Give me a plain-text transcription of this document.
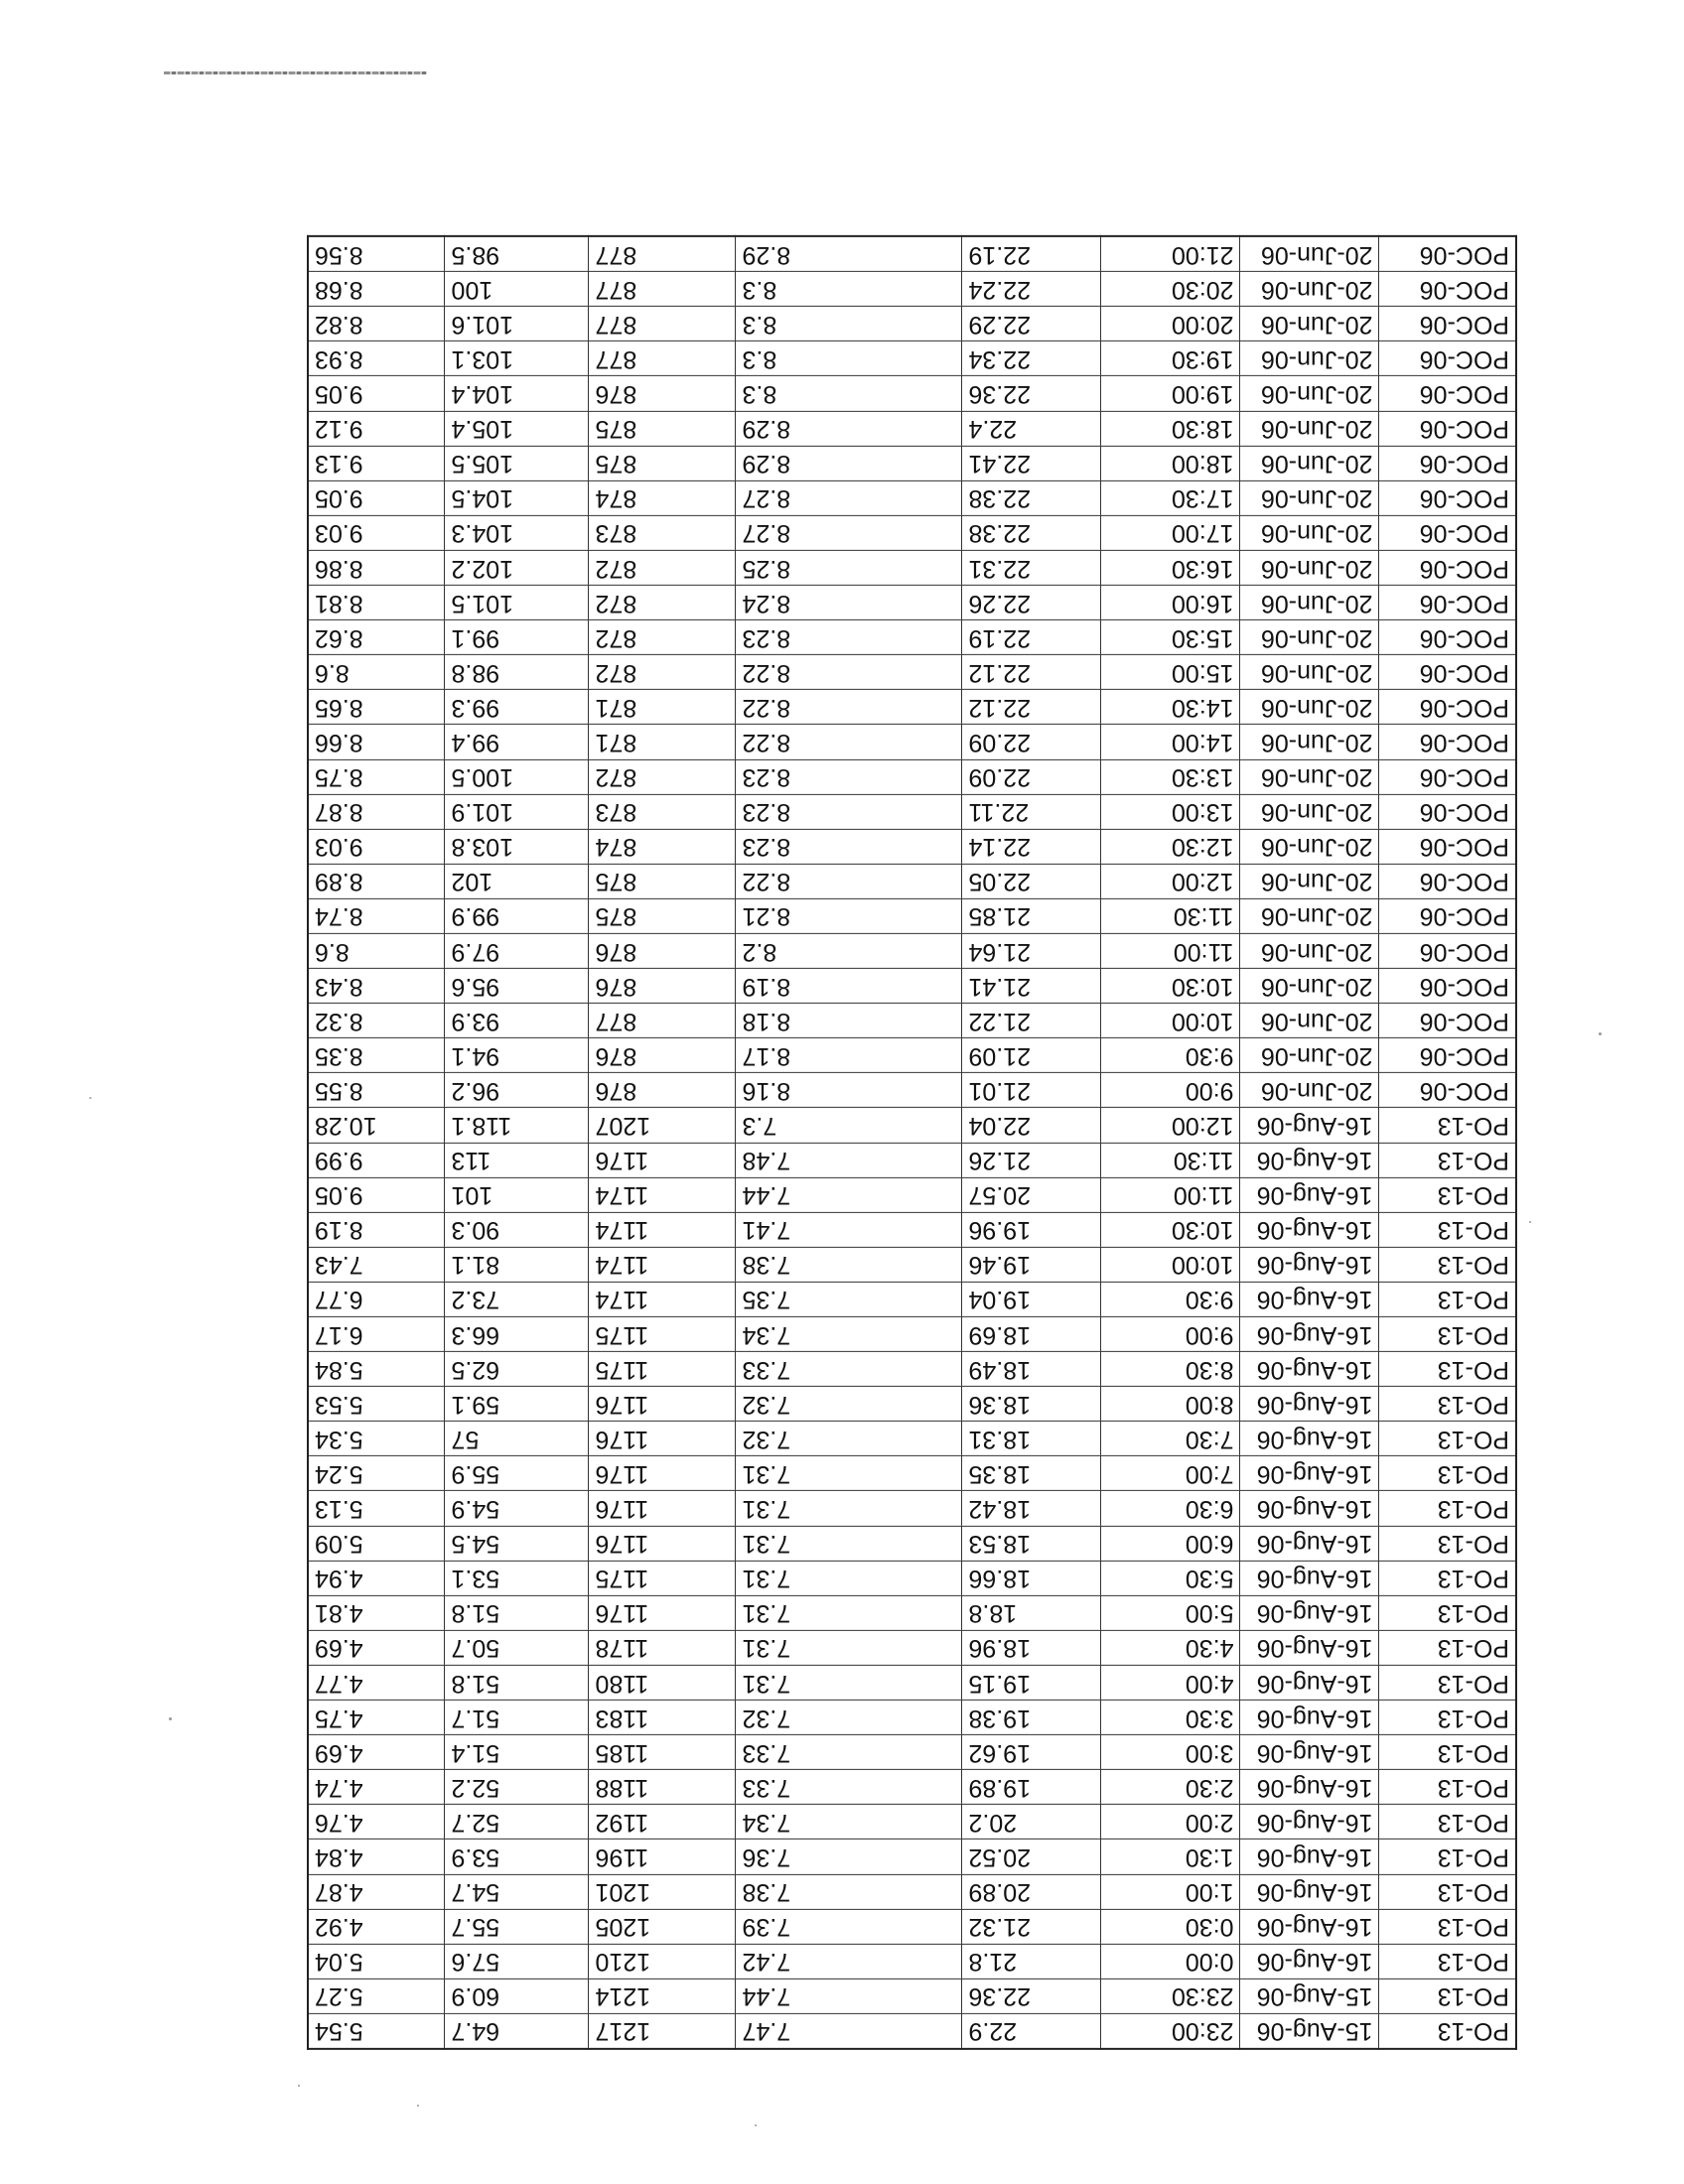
PO-13	15-Aug-06	23:00	22.9	7.47	1217	64.7	5.54
PO-13	15-Aug-06	23:30	22.36	7.44	1214	60.9	5.27
PO-13	16-Aug-06	0:00	21.8	7.42	1210	57.6	5.04
PO-13	16-Aug-06	0:30	21.32	7.39	1205	55.7	4.92
PO-13	16-Aug-06	1:00	20.89	7.38	1201	54.7	4.87
PO-13	16-Aug-06	1:30	20.52	7.36	1196	53.9	4.84
PO-13	16-Aug-06	2:00	20.2	7.34	1192	52.7	4.76
PO-13	16-Aug-06	2:30	19.89	7.33	1188	52.2	4.74
PO-13	16-Aug-06	3:00	19.62	7.33	1185	51.4	4.69
PO-13	16-Aug-06	3:30	19.38	7.32	1183	51.7	4.75
PO-13	16-Aug-06	4:00	19.15	7.31	1180	51.8	4.77
PO-13	16-Aug-06	4:30	18.96	7.31	1178	50.7	4.69
PO-13	16-Aug-06	5:00	18.8	7.31	1176	51.8	4.81
PO-13	16-Aug-06	5:30	18.66	7.31	1175	53.1	4.94
PO-13	16-Aug-06	6:00	18.53	7.31	1176	54.5	5.09
PO-13	16-Aug-06	6:30	18.42	7.31	1176	54.9	5.13
PO-13	16-Aug-06	7:00	18.35	7.31	1176	55.9	5.24
PO-13	16-Aug-06	7:30	18.31	7.32	1176	57	5.34
PO-13	16-Aug-06	8:00	18.36	7.32	1176	59.1	5.53
PO-13	16-Aug-06	8:30	18.49	7.33	1175	62.5	5.84
PO-13	16-Aug-06	9:00	18.69	7.34	1175	66.3	6.17
PO-13	16-Aug-06	9:30	19.04	7.35	1174	73.2	6.77
PO-13	16-Aug-06	10:00	19.46	7.38	1174	81.1	7.43
PO-13	16-Aug-06	10:30	19.96	7.41	1174	90.3	8.19
PO-13	16-Aug-06	11:00	20.57	7.44	1174	101	9.05
PO-13	16-Aug-06	11:30	21.26	7.48	1176	113	9.99
PO-13	16-Aug-06	12:00	22.04	7.3	1207	118.1	10.28
POC-06	20-Jun-06	9:00	21.01	8.16	876	96.2	8.55
POC-06	20-Jun-06	9:30	21.09	8.17	876	94.1	8.35
POC-06	20-Jun-06	10:00	21.22	8.18	877	93.9	8.32
POC-06	20-Jun-06	10:30	21.41	8.19	876	95.6	8.43
POC-06	20-Jun-06	11:00	21.64	8.2	876	97.9	8.6
POC-06	20-Jun-06	11:30	21.85	8.21	875	99.9	8.74
POC-06	20-Jun-06	12:00	22.05	8.22	875	102	8.89
POC-06	20-Jun-06	12:30	22.14	8.23	874	103.8	9.03
POC-06	20-Jun-06	13:00	22.11	8.23	873	101.9	8.87
POC-06	20-Jun-06	13:30	22.09	8.23	872	100.5	8.75
POC-06	20-Jun-06	14:00	22.09	8.22	871	99.4	8.66
POC-06	20-Jun-06	14:30	22.12	8.22	871	99.3	8.65
POC-06	20-Jun-06	15:00	22.12	8.22	872	98.8	8.6
POC-06	20-Jun-06	15:30	22.19	8.23	872	99.1	8.62
POC-06	20-Jun-06	16:00	22.26	8.24	872	101.5	8.81
POC-06	20-Jun-06	16:30	22.31	8.25	872	102.2	8.86
POC-06	20-Jun-06	17:00	22.38	8.27	873	104.3	9.03
POC-06	20-Jun-06	17:30	22.38	8.27	874	104.5	9.05
POC-06	20-Jun-06	18:00	22.41	8.29	875	105.5	9.13
POC-06	20-Jun-06	18:30	22.4	8.29	875	105.4	9.12
POC-06	20-Jun-06	19:00	22.36	8.3	876	104.4	9.05
POC-06	20-Jun-06	19:30	22.34	8.3	877	103.1	8.93
POC-06	20-Jun-06	20:00	22.29	8.3	877	101.6	8.82
POC-06	20-Jun-06	20:30	22.24	8.3	877	100	8.68
POC-06	20-Jun-06	21:00	22.19	8.29	877	98.5	8.56
